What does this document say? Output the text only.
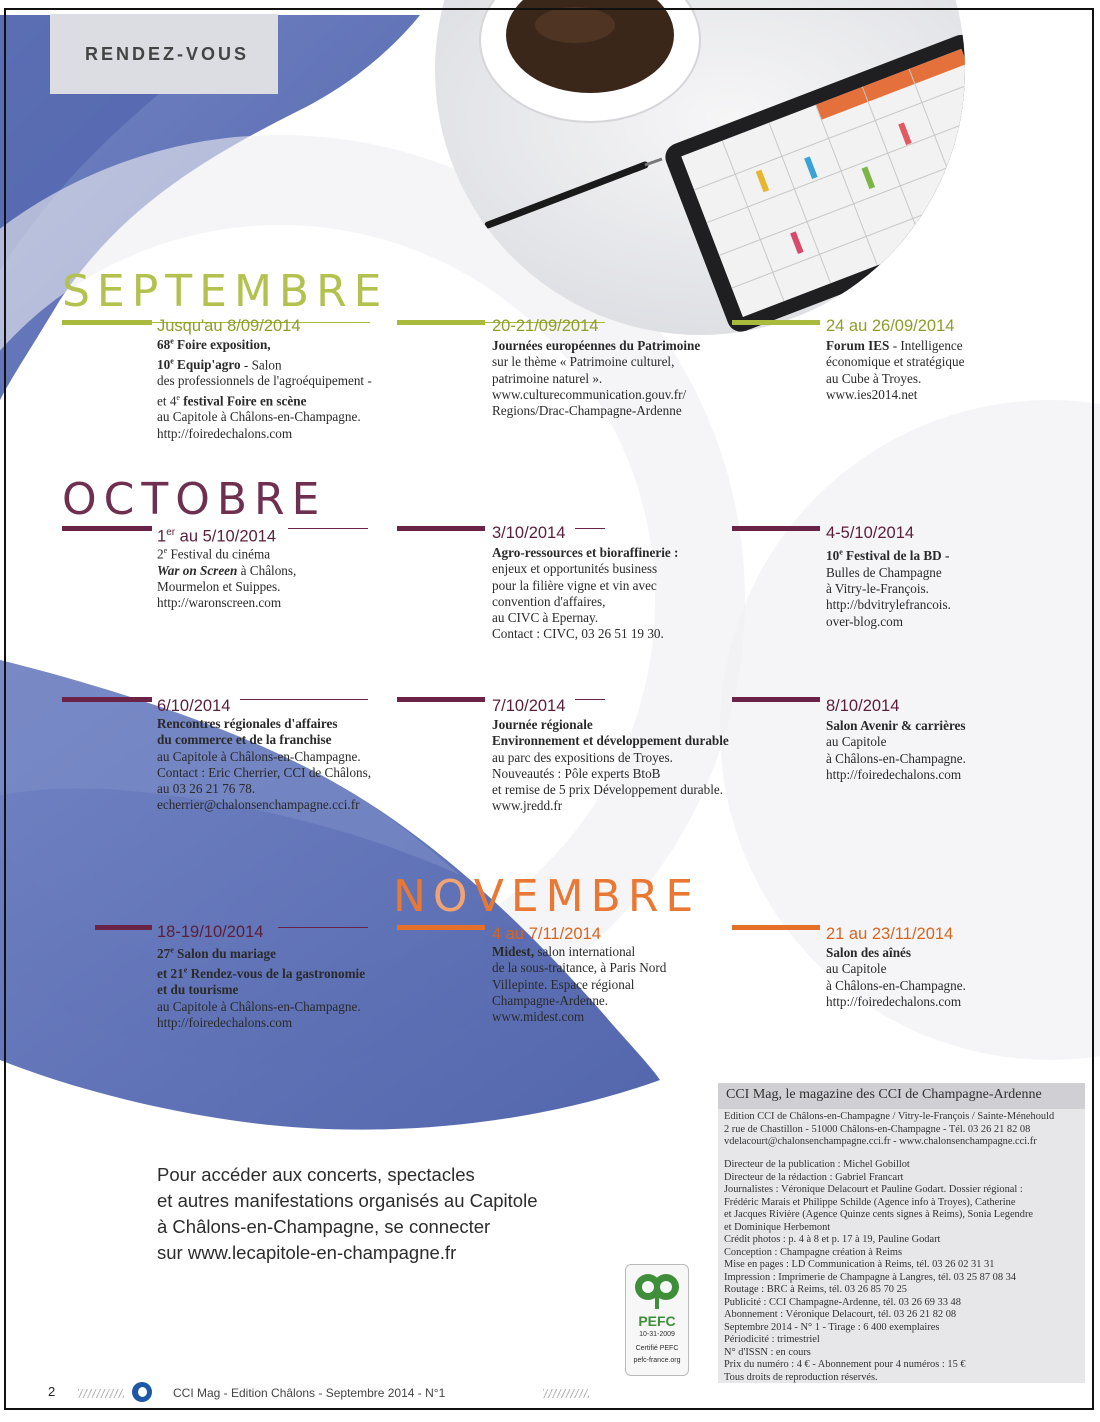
RENDEZ-VOUS
SEPTEMBRE
Jusqu'au 8/09/2014
68e Foire exposition,
10e Equip'agro - Salon
des professionnels de l'agroéquipement -
et 4e festival Foire en scène
au Capitole à Châlons-en-Champagne.
http://foiredechalons.com
20-21/09/2014
Journées européennes du Patrimoine
sur le thème « Patrimoine culturel,
patrimoine naturel ».
www.culturecommunication.gouv.fr/
Regions/Drac-Champagne-Ardenne
24 au 26/09/2014
Forum IES - Intelligence
économique et stratégique
au Cube à Troyes.
www.ies2014.net
OCTOBRE
1er au 5/10/2014
2e Festival du cinéma
War on Screen à Châlons,
Mourmelon et Suippes.
http://waronscreen.com
3/10/2014
Agro-ressources et bioraffinerie :
enjeux et opportunités business
pour la filière vigne et vin avec
convention d'affaires,
au CIVC à Epernay.
Contact : CIVC, 03 26 51 19 30.
4-5/10/2014
10e Festival de la BD -
Bulles de Champagne
à Vitry-le-François.
http://bdvitrylefrancois.
over-blog.com
6/10/2014
Rencontres régionales d'affaires
du commerce et de la franchise
au Capitole à Châlons-en-Champagne.
Contact : Eric Cherrier, CCI de Châlons,
au 03 26 21 76 78.
echerrier@chalonsenchampagne.cci.fr
7/10/2014
Journée régionale
Environnement et développement durable
au parc des expositions de Troyes.
Nouveautés : Pôle experts BtoB
et remise de 5 prix Développement durable.
www.jredd.fr
8/10/2014
Salon Avenir & carrières
au Capitole
à Châlons-en-Champagne.
http://foiredechalons.com
NOVEMBRE
18-19/10/2014
27e Salon du mariage
et 21e Rendez-vous de la gastronomie
et du tourisme
au Capitole à Châlons-en-Champagne.
http://foiredechalons.com
4 au 7/11/2014
Midest, salon international
de la sous-traitance, à Paris Nord
Villepinte. Espace régional
Champagne-Ardenne.
www.midest.com
21 au 23/11/2014
Salon des aînés
au Capitole
à Châlons-en-Champagne.
http://foiredechalons.com
Pour accéder aux concerts, spectacles
et autres manifestations organisés au Capitole
à Châlons-en-Champagne, se connecter
sur www.lecapitole-en-champagne.fr
CCI Mag, le magazine des CCI de Champagne-Ardenne
Edition CCI de Châlons-en-Champagne / Vitry-le-François / Sainte-Ménehould
2 rue de Chastillon - 51000 Châlons-en-Champagne - Tél. 03 26 21 82 08
vdelacourt@chalonsenchampagne.cci.fr - www.chalonsenchampagne.cci.fr
Directeur de la publication : Michel Gobillot
Directeur de la rédaction : Gabriel Francart
Journalistes : Véronique Delacourt et Pauline Godart. Dossier régional :
Frédéric Marais et Philippe Schilde (Agence info à Troyes), Catherine
et Jacques Rivière (Agence Quinze cents signes à Reims), Sonia Legendre
et Dominique Herbemont
Crédit photos : p. 4 à 8 et p. 17 à 19, Pauline Godart
Conception : Champagne création à Reims
Mise en pages : LD Communication à Reims, tél. 03 26 02 31 31
Impression : Imprimerie de Champagne à Langres, tél. 03 25 87 08 34
Routage : BRC à Reims, tél. 03 26 85 70 25
Publicité : CCI Champagne-Ardenne, tél. 03 26 69 33 48
Abonnement : Véronique Delacourt, tél. 03 26 21 82 08
Septembre 2014 - N° 1 - Tirage : 6 400 exemplaires
Périodicité : trimestriel
N° d'ISSN : en cours
Prix du numéro : 4 € - Abonnement pour 4 numéros : 15 €
Tous droits de reproduction réservés.
PEFC
10-31-2009
Certifié PEFC
pefc-france.org
2	CCI Mag - Edition Châlons - Septembre 2014 - N°1
